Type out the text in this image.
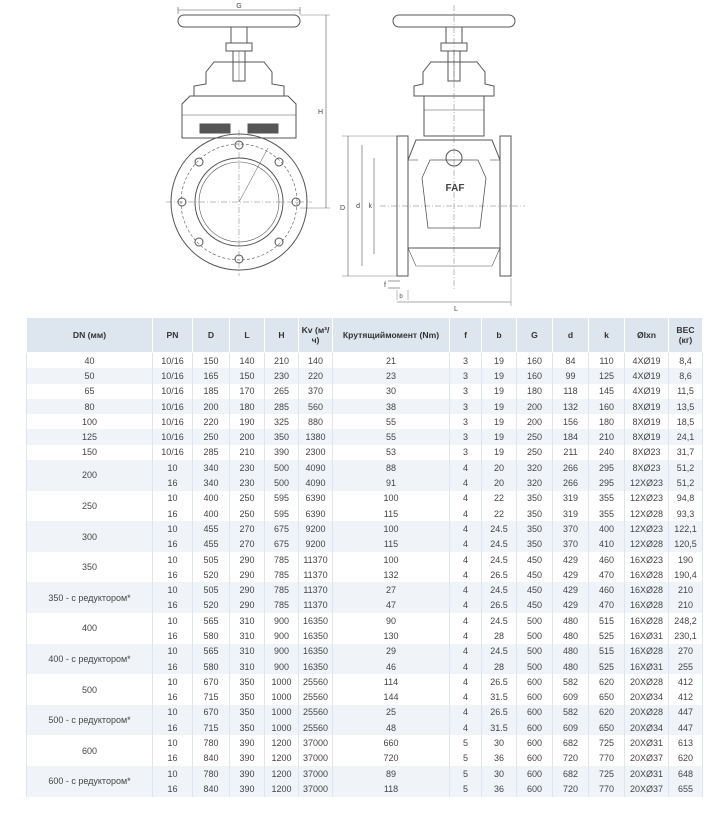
G
H
D d k
f
b
L
FAF
DN (мм)	PN	D	L	H	Kv (м³/ч)	Крутящиймомент (Nm)	f	b	G	d	k	Ølxn	ВЕС (кг)
40	10/16	150	140	210	140	21	3	19	160	84	110	4XØ19	8,4
50	10/16	165	150	230	220	23	3	19	160	99	125	4XØ19	8,6
65	10/16	185	170	265	370	30	3	19	180	118	145	4XØ19	11,5
80	10/16	200	180	285	560	38	3	19	200	132	160	8XØ19	13,5
100	10/16	220	190	325	880	55	3	19	200	156	180	8XØ19	18,5
125	10/16	250	200	350	1380	55	3	19	250	184	210	8XØ19	24,1
150	10/16	285	210	390	2300	53	3	19	250	211	240	8XØ23	31,7
200	10	340	230	500	4090	88	4	20	320	266	295	8XØ23	51,2
	16	340	230	500	4090	91	4	20	320	266	295	12XØ23	51,2
250	10	400	250	595	6390	100	4	22	350	319	355	12XØ23	94,8
	16	400	250	595	6390	115	4	22	350	319	355	12XØ28	93,3
300	10	455	270	675	9200	100	4	24.5	350	370	400	12XØ23	122,1
	16	455	270	675	9200	115	4	24.5	350	370	410	12XØ28	120,5
350	10	505	290	785	11370	100	4	24.5	450	429	460	16XØ23	190
	16	520	290	785	11370	132	4	26.5	450	429	470	16XØ28	190,4
350 - с редуктором*	10	505	290	785	11370	27	4	24.5	450	429	460	16XØ28	210
	16	520	290	785	11370	47	4	26.5	450	429	470	16XØ28	210
400	10	565	310	900	16350	90	4	24.5	500	480	515	16XØ28	248,2
	16	580	310	900	16350	130	4	28	500	480	525	16XØ31	230,1
400 - с редуктором*	10	565	310	900	16350	29	4	24.5	500	480	515	16XØ28	270
	16	580	310	900	16350	46	4	28	500	480	525	16XØ31	255
500	10	670	350	1000	25560	114	4	26.5	600	582	620	20XØ28	412
	16	715	350	1000	25560	144	4	31.5	600	609	650	20XØ34	412
500 - с редуктором*	10	670	350	1000	25560	25	4	26.5	600	582	620	20XØ28	447
	16	715	350	1000	25560	48	4	31.5	600	609	650	20XØ34	447
600	10	780	390	1200	37000	660	5	30	600	682	725	20XØ31	613
	16	840	390	1200	37000	720	5	36	600	720	770	20XØ37	620
600 - с редуктором*	10	780	390	1200	37000	89	5	30	600	682	725	20XØ31	648
	16	840	390	1200	37000	118	5	36	600	720	770	20XØ37	655
